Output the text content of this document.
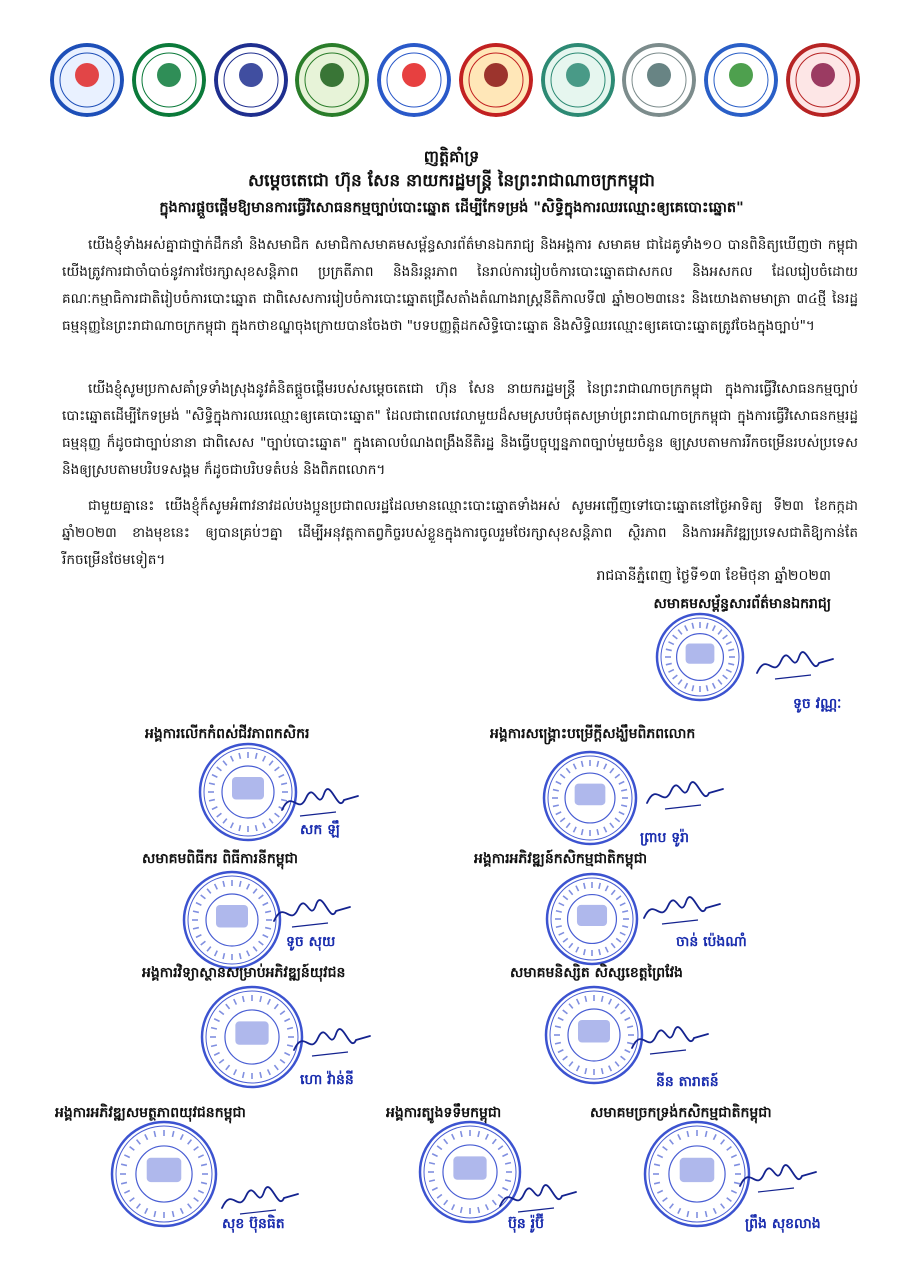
ញត្តិគាំទ្រ
សម្តេចតេជោ ហ៊ុន សែន នាយករដ្ឋមន្ត្រី នៃព្រះរាជាណាចក្រកម្ពុជា
ក្នុងការផ្តួចផ្តើមឱ្យមានការធ្វើវិសោធនកម្មច្បាប់បោះឆ្នោត ដើម្បីកែទម្រង់ "សិទ្ធិក្នុងការឈរឈ្មោះឲ្យគេបោះឆ្នោត"
យើងខ្ញុំទាំងអស់គ្នាជាថ្នាក់ដឹកនាំ និងសមាជិក សមាជិកាសមាគមសម្ព័ន្ធសារព័ត៌មានឯករាជ្យ និងអង្គការ សមាគម ជាដៃគូទាំង១០ បានពិនិត្យឃើញថា កម្ពុជាយើងត្រូវការជាចាំបាច់នូវការថែរក្សាសុខសន្តិភាព ប្រក្រតីភាព និងនិរន្តរភាព នៃរាល់ការរៀបចំការបោះឆ្នោតជាសកល និងអសកល ដែលរៀបចំដោយគណៈកម្មាធិការជាតិរៀបចំការបោះឆ្នោត ជាពិសេសការរៀបចំការបោះឆ្នោតជ្រើសតាំងតំណាងរាស្ត្រនីតិកាលទី៧ ឆ្នាំ២០២៣នេះ និងយោងតាមមាត្រា ៣៤ថ្មី នៃរដ្ឋធម្មនុញ្ញនៃព្រះរាជាណាចក្រកម្ពុជា ក្នុងកថាខណ្ឌចុងក្រោយបានចែងថា "បទបញ្ញត្តិដកសិទ្ធិបោះឆ្នោត និងសិទ្ធិឈរឈ្មោះឲ្យគេបោះឆ្នោតត្រូវចែងក្នុងច្បាប់"។
យើងខ្ញុំសូមប្រកាសគាំទ្រទាំងស្រុងនូវគំនិតផ្តួចផ្តើមរបស់សម្តេចតេជោ ហ៊ុន សែន នាយករដ្ឋមន្ត្រី នៃព្រះរាជាណាចក្រកម្ពុជា ក្នុងការធ្វើវិសោធនកម្មច្បាប់បោះឆ្នោតដើម្បីកែទម្រង់ "សិទ្ធិក្នុងការឈរឈ្មោះឲ្យគេបោះឆ្នោត" ដែលជាពេលវេលាមួយដ៏សមស្របបំផុតសម្រាប់ព្រះរាជាណាចក្រកម្ពុជា ក្នុងការធ្វើវិសោធនកម្មរដ្ឋធម្មនុញ្ញ ក៏ដូចជាច្បាប់នានា ជាពិសេស "ច្បាប់បោះឆ្នោត" ក្នុងគោលបំណងពង្រឹងនីតិរដ្ឋ និងធ្វើបច្ចុប្បន្នភាពច្បាប់មួយចំនួន ឲ្យស្របតាមការរីកចម្រើនរបស់ប្រទេស និងឲ្យស្របតាមបរិបទសង្គម ក៏ដូចជាបរិបទតំបន់ និងពិភពលោក។
ជាមួយគ្នានេះ យើងខ្ញុំក៏សូមអំពាវនាវដល់បងប្អូនប្រជាពលរដ្ឋដែលមានឈ្មោះបោះឆ្នោតទាំងអស់ សូមអញ្ជើញទៅបោះឆ្នោតនៅថ្ងៃអាទិត្យ ទី២៣ ខែកក្កដា ឆ្នាំ២០២៣ ខាងមុខនេះ ឲ្យបានគ្រប់ៗគ្នា ដើម្បីអនុវត្តកាតព្វកិច្ចរបស់ខ្លួនក្នុងការចូលរួមថែរក្សាសុខសន្តិភាព ស្ថិរភាព និងការអភិវឌ្ឍប្រទេសជាតិឱ្យកាន់តែរីកចម្រើនថែមទៀត។
រាជធានីភ្នំពេញ ថ្ងៃទី១៣ ខែមិថុនា ឆ្នាំ២០២៣
សមាគមសម្ព័ន្ធសារព័ត៌មានឯករាជ្យ
ទូច វណ្ណៈ
អង្គការលើកកំពស់ជីវភាពកសិករ
សក ឡឹ
អង្គការសង្គ្រោះបម្រើក្តីសង្ឃឹមពិភពលោក
ព្រាប ទូរ៉ា
សមាគមពិធីករ ពិធីការនីកម្ពុជា
ទូច សុយ
អង្គការអភិវឌ្ឍន៍កសិកម្មជាតិកម្ពុជា
ចាន់ ប៉េងណាំ
អង្គការវិទ្យាស្ថានសម្រាប់អភិវឌ្ឍន៍យុវជន
ហោ វ៉ាន់នី
សមាគមនិស្សិត សិស្សខេត្តព្រៃវែង
នីន តារាតន៍
អង្គការអភិវឌ្ឍសមត្ថភាពយុវជនកម្ពុជា
សុខ ប៊ុនធិត
អង្គការត្បូងទទឹមកម្ពុជា
ប៊ុន រ៉ូប៊ី
សមាគមច្រកទ្រង់កសិកម្មជាតិកម្ពុជា
ព្រឹង សុខលាង
